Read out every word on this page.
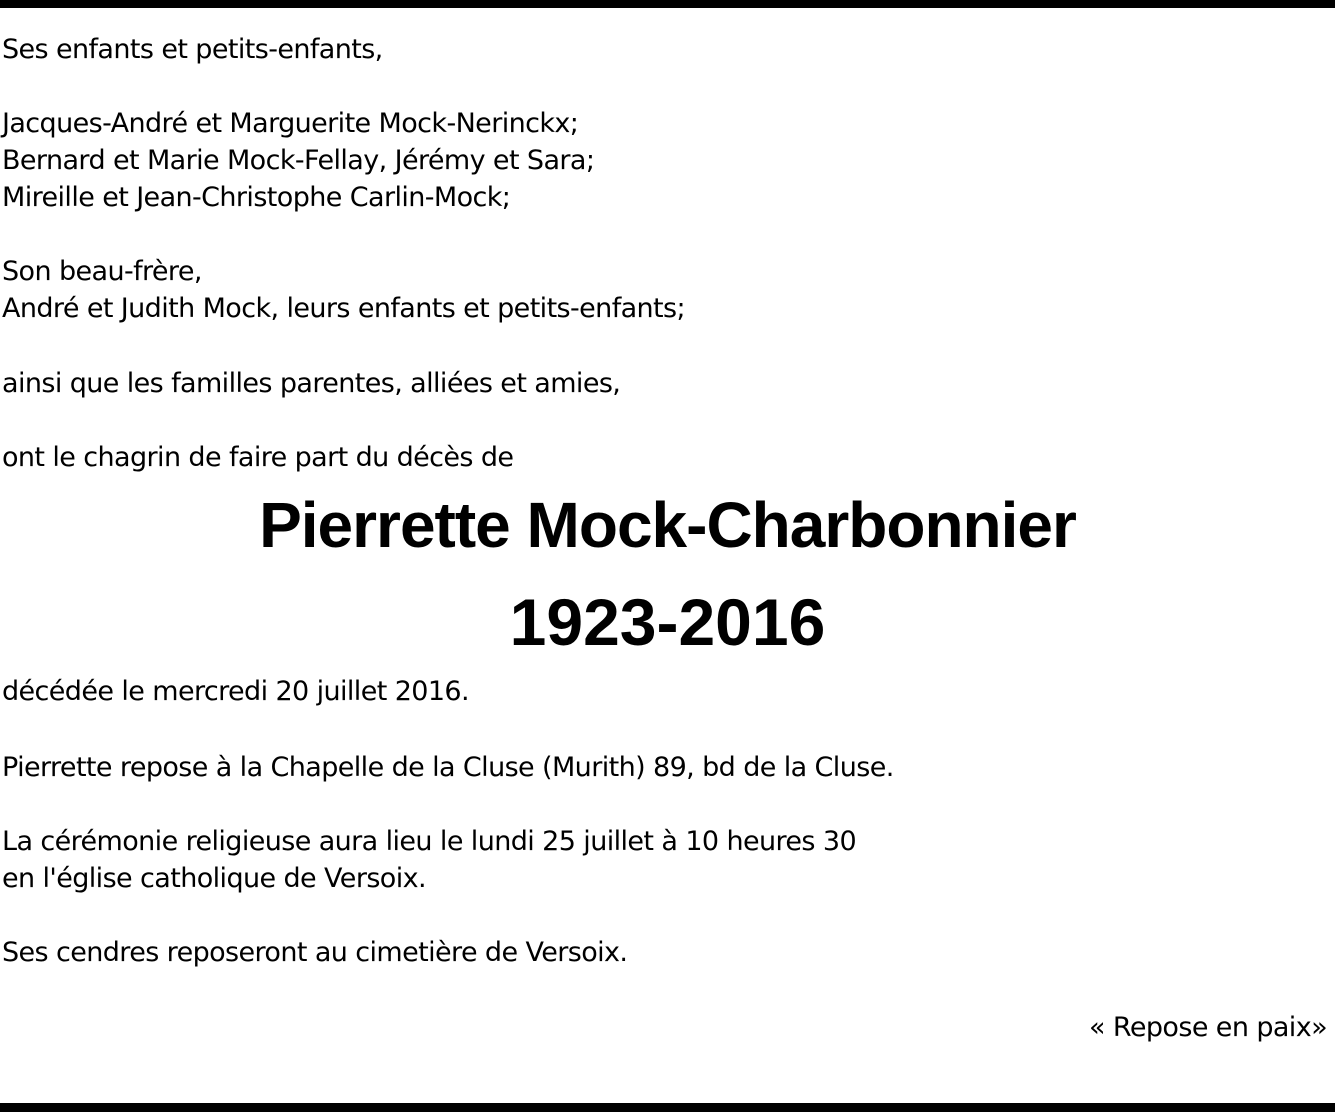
Ses enfants et petits-enfants,
Jacques-André et Marguerite Mock-Nerinckx;
Bernard et Marie Mock-Fellay, Jérémy et Sara;
Mireille et Jean-Christophe Carlin-Mock;
Son beau-frère,
André et Judith Mock, leurs enfants et petits-enfants;
ainsi que les familles parentes, alliées et amies,
ont le chagrin de faire part du décès de
Pierrette Mock-Charbonnier
1923-2016
décédée le mercredi 20 juillet 2016.
Pierrette repose à la Chapelle de la Cluse (Murith) 89, bd de la Cluse.
La cérémonie religieuse aura lieu le lundi 25 juillet à 10 heures 30
en l'église catholique de Versoix.
Ses cendres reposeront au cimetière de Versoix.
« Repose en paix»
